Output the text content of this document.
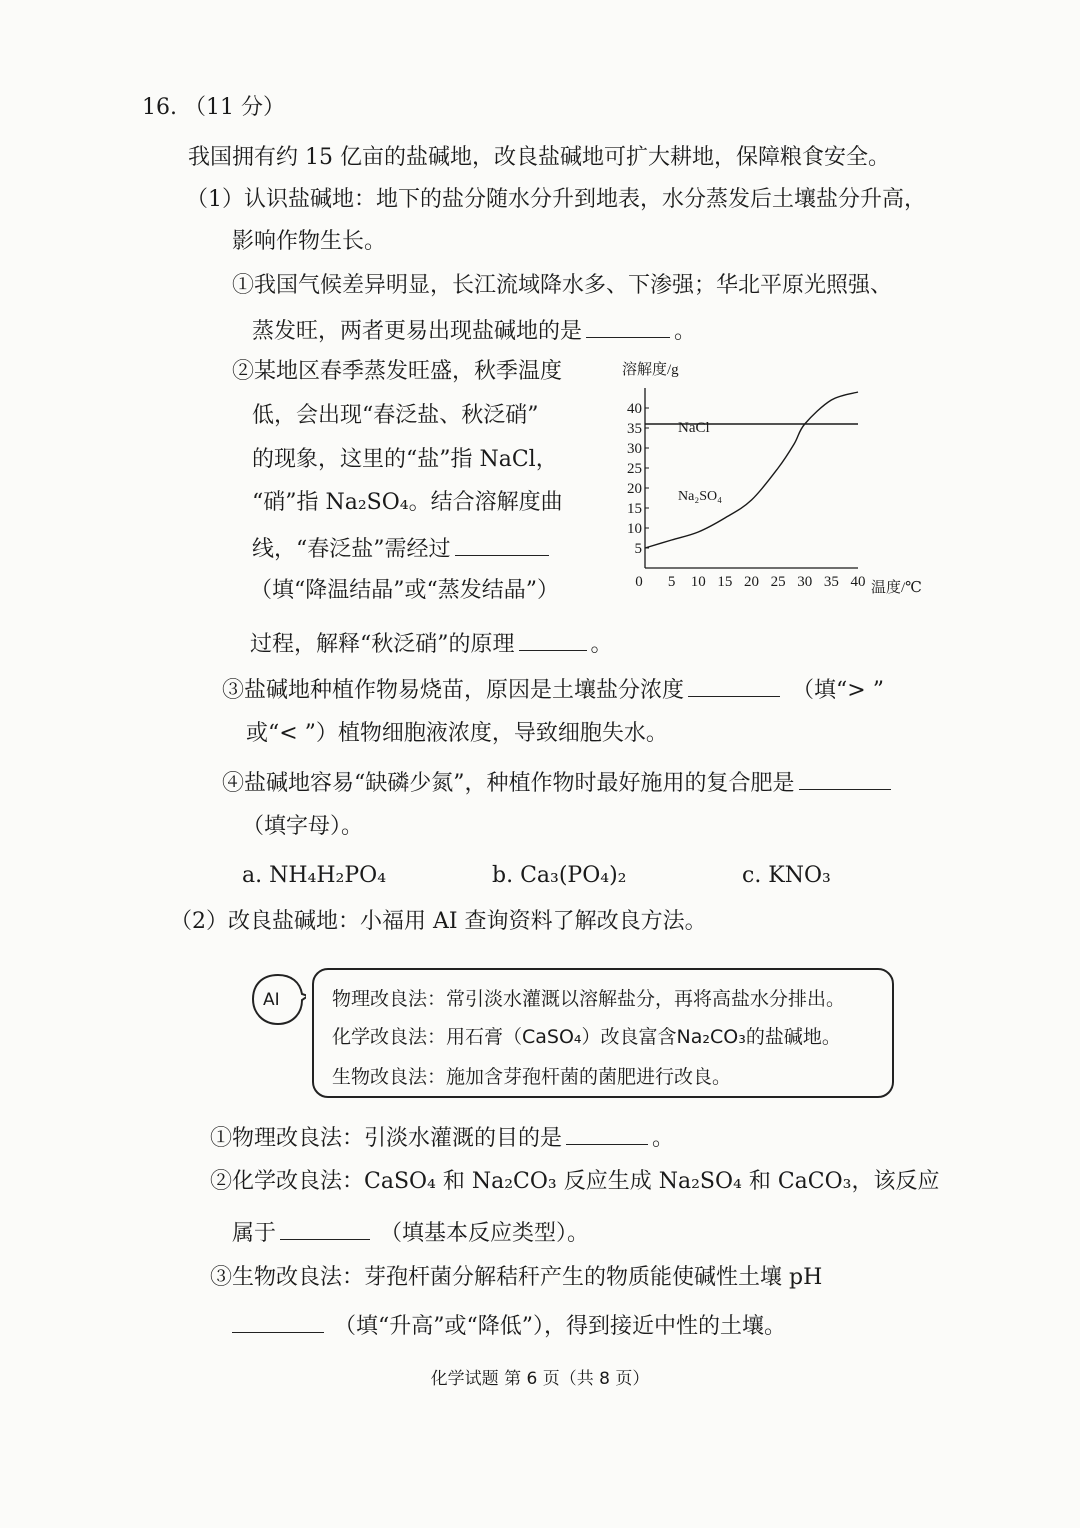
16. （11 分）
我国拥有约 15 亿亩的盐碱地，改良盐碱地可扩大耕地，保障粮食安全。
（1）认识盐碱地：地下的盐分随水分升到地表，水分蒸发后土壤盐分升高，
影响作物生长。
①我国气候差异明显，长江流域降水多、下渗强；华北平原光照强、
蒸发旺，两者更易出现盐碱地的是	。
②某地区春季蒸发旺盛，秋季温度
低，会出现“春泛盐、秋泛硝”
的现象，这里的“盐”指 NaCl，
“硝”指 Na₂SO₄。结合溶解度曲
线，“春泛盐”需经过
（填“降温结晶”或“蒸发结晶”）
溶解度/g
5
10
15
20
25
30
35
40
0 5 10 15 20 25 30 35 40 温度/℃
NaCl
Na₂SO₄
过程，解释“秋泛硝”的原理	。
③盐碱地种植作物易烧苗，原因是土壤盐分浓度	（填“> ”
或“< ”）植物细胞液浓度，导致细胞失水。
④盐碱地容易“缺磷少氮”，种植作物时最好施用的复合肥是
（填字母）。
a. NH₄H₂PO₄	b. Ca₃(PO₄)₂	c. KNO₃
（2）改良盐碱地：小福用 AI 查询资料了解改良方法。
AI	物理改良法：常引淡水灌溉以溶解盐分，再将高盐水分排出。
化学改良法：用石膏（CaSO₄）改良富含Na₂CO₃的盐碱地。
生物改良法：施加含芽孢杆菌的菌肥进行改良。
①物理改良法：引淡水灌溉的目的是	。
②化学改良法：CaSO₄ 和 Na₂CO₃ 反应生成 Na₂SO₄ 和 CaCO₃，该反应
属于	（填基本反应类型）。
③生物改良法：芽孢杆菌分解秸秆产生的物质能使碱性土壤 pH
（填“升高”或“降低”），得到接近中性的土壤。
化学试题 第 6 页（共 8 页）
